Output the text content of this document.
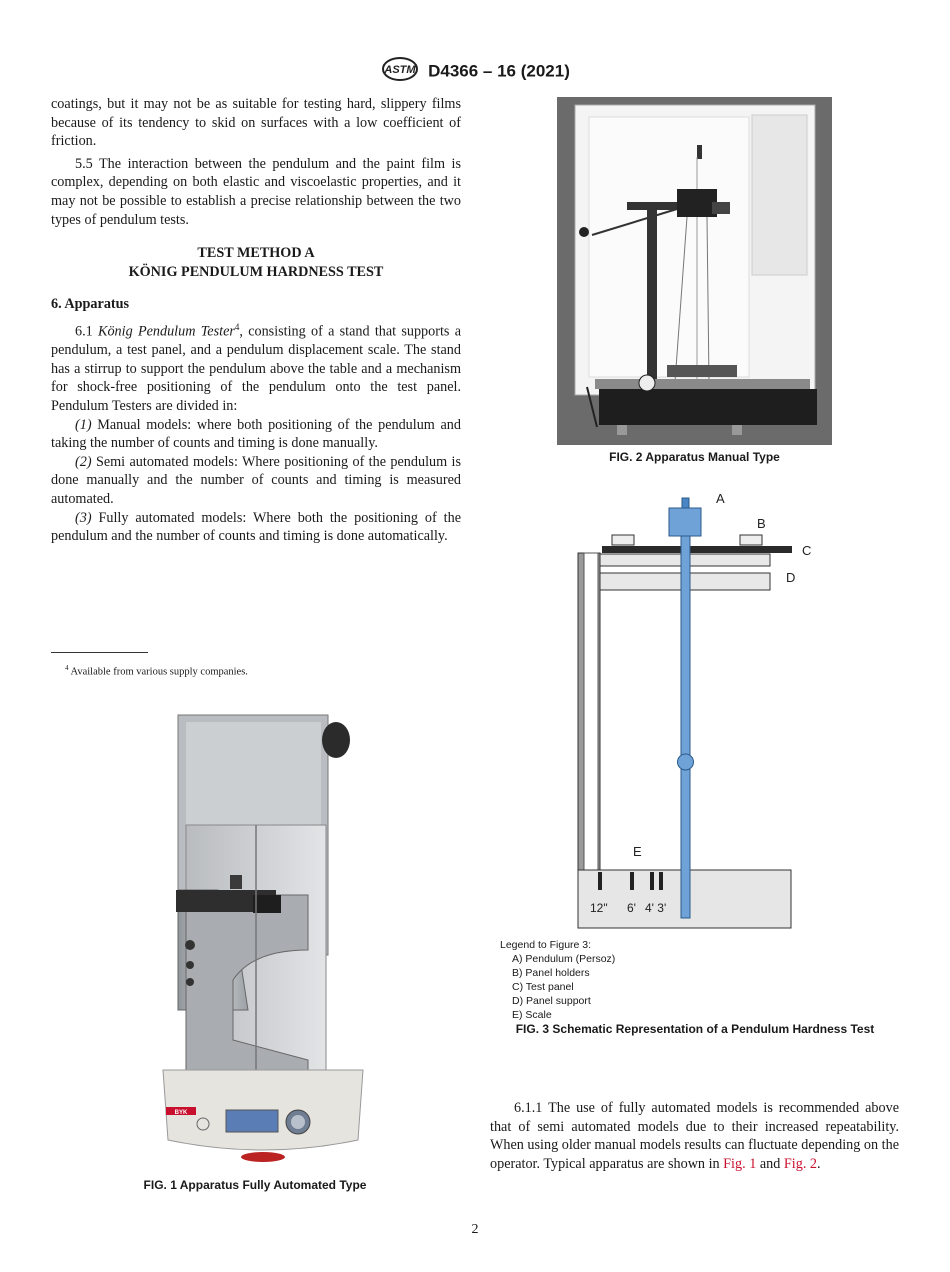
ASTM D4366 – 16 (2021)

coatings, but it may not be as suitable for testing hard, slippery films because of its tendency to skid on surfaces with a low coefficient of friction.

5.5 The interaction between the pendulum and the paint film is complex, depending on both elastic and viscoelastic properties, and it may not be possible to establish a precise relationship between the two types of pendulum tests.

TEST METHOD A
KÖNIG PENDULUM HARDNESS TEST

6. Apparatus

6.1 König Pendulum Tester$^4$, consisting of a stand that supports a pendulum, a test panel, and a pendulum displacement scale. The stand has a stirrup to support the pendulum above the table and a mechanism for shock-free positioning of the pendulum onto the test panel. Pendulum Testers are divided in:

(1) Manual models: where both positioning of the pendulum and taking the number of counts and timing is done manually.

(2) Semi automated models: Where positioning of the pendulum is done manually and the number of counts and timing is measured automated.

(3) Fully automated models: Where both the positioning of the pendulum and the number of counts and timing is done automatically.

$^4$ Available from various supply companies.
BYK
FIG. 1 Apparatus Fully Automated Type
FIG. 2 Apparatus Manual Type
A
B
C
D
E
12" 6' 4' 3'
Legend to Figure 3:
A) Pendulum (Persoz)
B) Panel holders
C) Test panel
D) Panel support
E) Scale
FIG. 3 Schematic Representation of a Pendulum Hardness Test

6.1.1 The use of fully automated models is recommended above that of semi automated models due to their increased repeatability. When using older manual models results can fluctuate depending on the operator. Typical apparatus are shown in Fig. 1 and Fig. 2.

2
